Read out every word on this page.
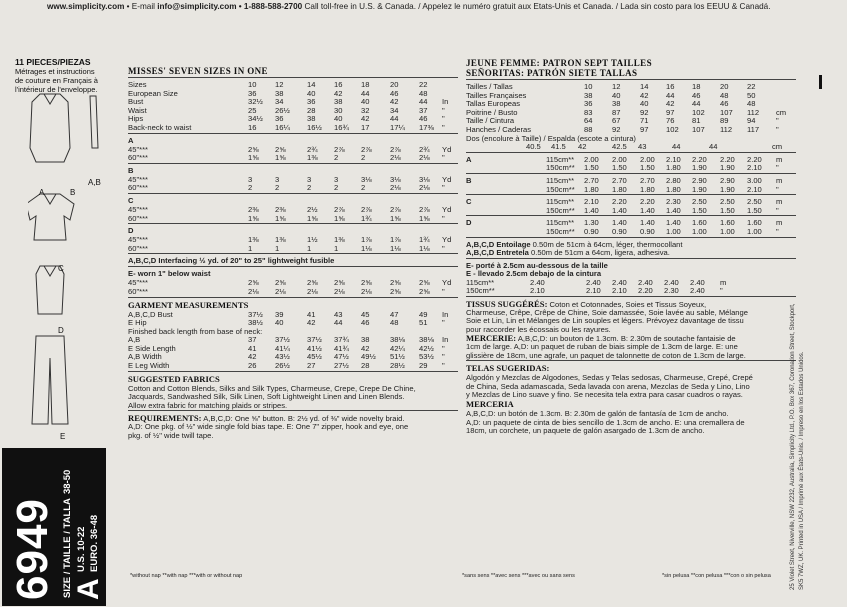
www.simplicity.com • E-mail info@simplicity.com • 1-888-588-2700 Call toll-free in U.S. & Canada. / Appelez le numéro gratuit aux Etats-Unis et Canada. / Lada sin costo para los EEUU & Canadá.
11 PIECES/PIEZAS
Métrages et instructions
de couture en Français à
l'intérieur de l'enveloppe.
A,B
A	B
C
D
E
6949 SIZE / TAILLE / TALLA A
U.S. 10-22 EURO. 36-48
38-50
MISSES' SEVEN SIZES IN ONE
Sizes	10 12	14 16 18	20	22
European Size	36 38	40 42 44	46	48
Bust	32½ 34	36 38 40	42	44 In
Waist	25 26½ 28 30 32	34	37 "
Hips	34½ 36	38 40 42	44	46 "
Back-neck to waist	16 16¼ 16½ 16¾ 17	17¼ 17⅜ "
A
45"***	2⅝ 2⅝	2¾ 2⅞ 2⅞ 2⅞ 2¾ Yd
60"***	1⅝ 1⅝	1⅜ 2	2	2⅛ 2⅛ "
B
45"***	3	3	3	3	3⅛ 3⅛ 3⅛ Yd
60"***	2	2	2	2	2	2⅛ 2⅛ "
C
45"***	2⅜ 2⅜	2½ 2⅞ 2⅞ 2⅞ 2⅞ Yd
60"***	1⅝ 1⅝	1⅝ 1⅝ 1¾ 1⅝ 1⅝ "
D
45"***	1⅜ 1⅜	1½ 1⅜ 1⅞ 1⅞ 1¾ Yd
60"***	1	1	1	1	1⅛ 1⅛ 1⅛ "
A,B,C,D Interfacing ½ yd. of 20" to 25" lightweight fusible
E- worn 1" below waist
45"***	2⅝ 2⅝	2⅝ 2⅝ 2⅝ 2⅝ 2⅝ Yd
60"***	2⅛ 2⅛	2⅛ 2⅛ 2⅛ 2⅝ 2⅝ "
GARMENT MEASUREMENTS
A,B,C,D Bust	37½ 39	41 43 45	47	49 In
E Hip	38½ 40	42 44 46	48	51 "
Finished back length from base of neck:
A,B	37 37½ 37½ 37¾ 38	38⅛ 38⅛ In
E Side Length	41 41¼ 41½ 41¾ 42	42¼ 42½ "
A,B Width	42 43½ 45½ 47½ 49½ 51½ 53½ "
E Leg Width	26 26½ 27 27½ 28	28½ 29 "
SUGGESTED FABRICS
Cotton and Cotton Blends, Silks and Silk Types, Charmeuse, Crepe, Crepe De Chine,
Jacquards, Sandwashed Silk, Silk Linen, Soft Lightweight Linen and Linen Blends.
Allow extra fabric for matching plaids or stripes.
REQUIREMENTS: A,B,C,D: One ⅝" button. B: 2½ yd. of ⅜" wide novelty braid.
A,D: One pkg. of ½" wide single fold bias tape. E: One 7" zipper, hook and eye, one
pkg. of ½" wide twill tape.
JEUNE FEMME: PATRON SEPT TAILLES
SEÑORITAS: PATRÓN SIETE TALLAS
Tailles / Tallas	10	12	14 16 18	20 22
Tailles Françaises	38	40	42 44 46	48 50
Tallas Europeas	36	38	40 42 44	46 48
Poitrine / Busto	83	87	92 97 102 107 112 cm
Taille / Cintura	64	67	71 76 81	89 94	"
Hanches / Caderas	88	92	97 102 107 112 117 "
Dos (encolure à Taille) / Espalda (escote a cintura)
40.5 41.5 42	42.5 43	44	44	cm
A	115cm** 2.00 2.00 2.00 2.10 2.20 2.20 2.20 m
150cm** 1.50 1.50 1.50 1.80 1.90 1.90 2.10 "
B	115cm** 2.70 2.70 2.70 2.80 2.90 2.90 3.00 m
150cm** 1.80 1.80 1.80 1.80 1.90 1.90 2.10 "
C	115cm** 2.10 2.20 2.20 2.30 2.50 2.50 2.50 m
150cm** 1.40 1.40 1.40 1.40 1.50 1.50 1.50 "
D	115cm** 1.30 1.40 1.40 1.40 1.60 1.60 1.60 m
150cm** 0.90 0.90 0.90 1.00 1.00 1.00 1.00 "
A,B,C,D Entoilage 0.50m de 51cm à 64cm, léger, thermocollant
A,B,C,D Entretela 0.50m de 51cm a 64cm, ligera, adhesiva.
E- porté à 2.5cm au-dessous de la taille
E - llevado 2.5cm debajo de la cintura
115cm**	2.40	2.40 2.40 2.40 2.40 2.40 m
150cm**	2.10	2.10 2.10 2.20 2.30 2.40 "
TISSUS SUGGÉRÉS: Coton et Cotonnades, Soies et Tissus Soyeux,
Charmeuse, Crêpe, Crêpe de Chine, Soie damassée, Soie lavée au sable, Mélange
Soie et Lin, Lin et Mélanges de Lin souples et légers. Prévoyez davantage de tissu
pour raccorder les écossais ou les rayures.
MERCERIE: A,B,C,D: un bouton de 1.3cm. B: 2.30m de soutache fantaisie de
1cm de large. A,D: un paquet de ruban de biais simple de 1.3cm de large. E: une
glissière de 18cm, une agrafe, un paquet de talonnette de coton de 1.3cm de large.
TELAS SUGERIDAS:
Algodón y Mezclas de Algodones, Sedas y Telas sedosas, Charmeuse, Crepé, Crepé
de China, Seda adamascada, Seda lavada con arena, Mezclas de Seda y Lino, Lino
y Mezclas de Lino suave y fino. Se necesita tela extra para casar cuadros o rayas.
MERCERIA
A,B,C,D: un botón de 1.3cm. B: 2.30m de galón de fantasía de 1cm de ancho.
A,D: un paquete de cinta de bies sencillo de 1.3cm de ancho. E: una cremallera de
18cm, un corchete, un paquete de galón asargado de 1.3cm de ancho.
*without nap **with nap ***with or without nap	*sans sens **avec sens ***avec ou sans sens	*sin pelusa **con pelusa ***con o sin pelusa	25 Violet Street, Niverville, NSW 2232, Australia, Simplicity Ltd., P.O. Box 367, Coronation Street, Stockport, SK5 7WZ, UK. Printed in USA / Imprimé aux États-Unis. / Impreso en los Estados Unidos.
